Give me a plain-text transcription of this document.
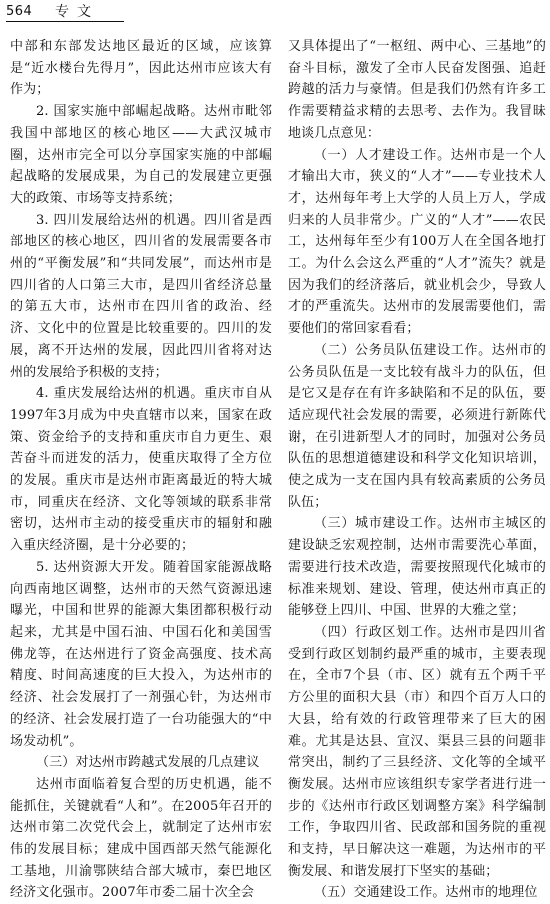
564	专文

中部和东部发达地区最近的区域，应该算是“近水楼台先得月”，因此达州市应该大有作为；

2. 国家实施中部崛起战略。达州市毗邻我国中部地区的核心地区——大武汉城市圈，达州市完全可以分享国家实施的中部崛起战略的发展成果，为自己的发展建立更强大的政策、市场等支持系统；

3. 四川发展给达州的机遇。四川省是西部地区的核心地区，四川省的发展需要各市州的“平衡发展”和“共同发展”，而达州市是四川省的人口第三大市，是四川省经济总量的第五大市，达州市在四川省的政治、经济、文化中的位置是比较重要的。四川的发展，离不开达州的发展，因此四川省将对达州的发展给予积极的支持；

4. 重庆发展给达州的机遇。重庆市自从1997年3月成为中央直辖市以来，国家在政策、资金给予的支持和重庆市自力更生、艰苦奋斗而迸发的活力，使重庆取得了全方位的发展。重庆市是达州市距离最近的特大城市，同重庆在经济、文化等领域的联系非常密切，达州市主动的接受重庆市的辐射和融入重庆经济圈，是十分必要的；

5. 达州资源大开发。随着国家能源战略向西南地区调整，达州市的天然气资源迅速曝光，中国和世界的能源大集团都积极行动起来，尤其是中国石油、中国石化和美国雪佛龙等，在达州进行了资金高强度、技术高精度、时间高速度的巨大投入，为达州市的经济、社会发展打了一剂强心针，为达州市的经济、社会发展打造了一台功能强大的“中场发动机”。

（三）对达州市跨越式发展的几点建议

达州市面临着复合型的历史机遇，能不能抓住，关键就看“人和”。在2005年召开的达州市第二次党代会上，就制定了达州市宏伟的发展目标；建成中国西部天然气能源化工基地，川渝鄂陕结合部大城市，秦巴地区经济文化强市。2007年市委二届十次全会

又具体提出了“一枢纽、两中心、三基地”的奋斗目标，激发了全市人民奋发图强、追赶跨越的活力与豪情。但是我们仍然有许多工作需要精益求精的去思考、去作为。我冒昧地谈几点意见：

（一）人才建设工作。达州市是一个人才输出大市，狭义的“人才”——专业技术人才，达州每年考上大学的人员上万人，学成归来的人员非常少。广义的“人才”——农民工，达州每年至少有100万人在全国各地打工。为什么会这么严重的“人才”流失？就是因为我们的经济落后，就业机会少，导致人才的严重流失。达州市的发展需要他们，需要他们的常回家看看；

（二）公务员队伍建设工作。达州市的公务员队伍是一支比较有战斗力的队伍，但是它又是存在有许多缺陷和不足的队伍，要适应现代社会发展的需要，必须进行新陈代谢，在引进新型人才的同时，加强对公务员队伍的思想道德建设和科学文化知识培训，使之成为一支在国内具有较高素质的公务员队伍；

（三）城市建设工作。达州市主城区的建设缺乏宏观控制，达州市需要洗心革面，需要进行技术改造，需要按照现代化城市的标准来规划、建设、管理，使达州市真正的能够登上四川、中国、世界的大雅之堂；

（四）行政区划工作。达州市是四川省受到行政区划制约最严重的城市，主要表现在，全市7个县（市、区）就有五个两千平方公里的面积大县（市）和四个百万人口的大县，给有效的行政管理带来了巨大的困难。尤其是达县、宣汉、渠县三县的问题非常突出，制约了三县经济、文化等的全域平衡发展。达州市应该组织专家学者进行进一步的《达州市行政区划调整方案》科学编制工作，争取四川省、民政部和国务院的重视和支持，早日解决这一难题，为达州市的平衡发展、和谐发展打下坚实的基础；

（五）交通建设工作。达州市的地理位
